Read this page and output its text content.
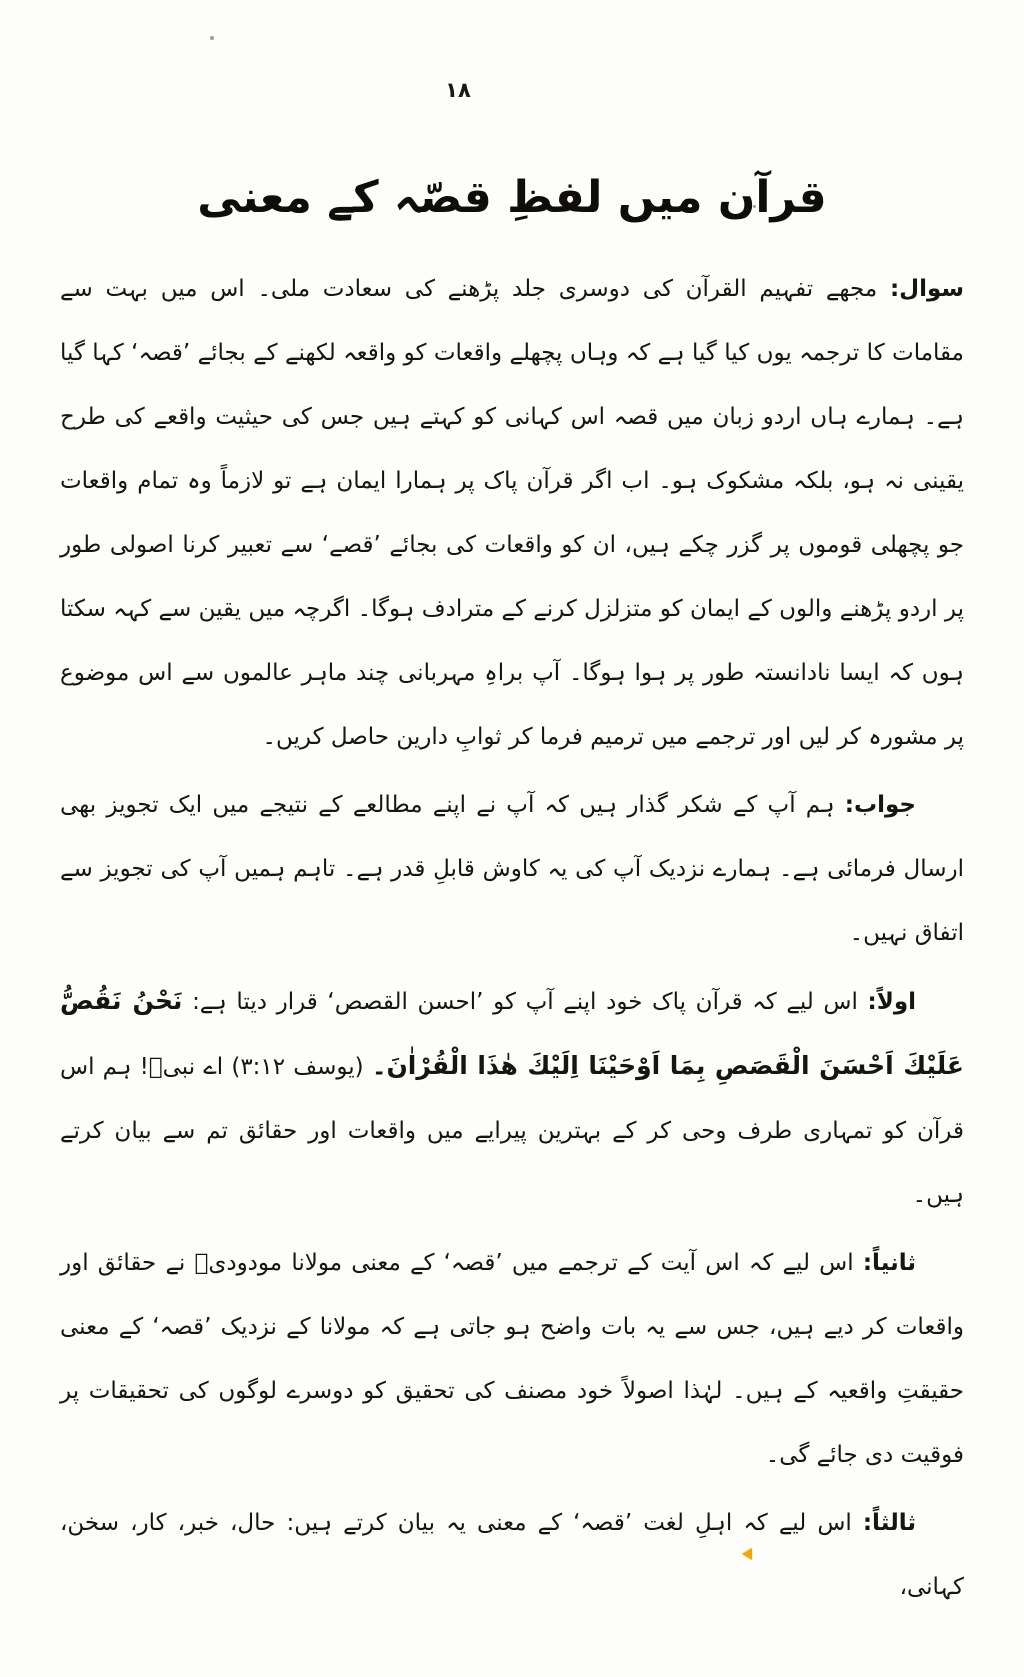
۱۸
قرآن میں لفظِ قصّہ کے معنی

سوال: مجھے تفہیم القرآن کی دوسری جلد پڑھنے کی سعادت ملی۔ اس میں بہت سے مقامات کا ترجمہ یوں کیا گیا ہے کہ وہاں پچھلے واقعات کو واقعہ لکھنے کے بجائے ’قصہ‘ کہا گیا ہے۔ ہمارے ہاں اردو زبان میں قصہ اس کہانی کو کہتے ہیں جس کی حیثیت واقعے کی طرح یقینی نہ ہو، بلکہ مشکوک ہو۔ اب اگر قرآن پاک پر ہمارا ایمان ہے تو لازماً وہ تمام واقعات جو پچھلی قوموں پر گزر چکے ہیں، ان کو واقعات کی بجائے ’قصے‘ سے تعبیر کرنا اصولی طور پر اردو پڑھنے والوں کے ایمان کو متزلزل کرنے کے مترادف ہوگا۔ اگرچہ میں یقین سے کہہ سکتا ہوں کہ ایسا نادانستہ طور پر ہوا ہوگا۔ آپ براہِ مہربانی چند ماہر عالموں سے اس موضوع پر مشورہ کر لیں اور ترجمے میں ترمیم فرما کر ثوابِ دارین حاصل کریں۔

جواب: ہم آپ کے شکر گذار ہیں کہ آپ نے اپنے مطالعے کے نتیجے میں ایک تجویز بھی ارسال فرمائی ہے۔ ہمارے نزدیک آپ کی یہ کاوش قابلِ قدر ہے۔ تاہم ہمیں آپ کی تجویز سے اتفاق نہیں۔

اولاً: اس لیے کہ قرآن پاک خود اپنے آپ کو ’احسن القصص‘ قرار دیتا ہے: نَحْنُ نَقُصُّ عَلَيْكَ اَحْسَنَ الْقَصَصِ بِمَا اَوْحَيْنَا اِلَيْكَ هٰذَا الْقُرْاٰنَ۔ (یوسف ۳:۱۲) اے نبیؐ! ہم اس قرآن کو تمہاری طرف وحی کر کے بہترین پیرایے میں واقعات اور حقائق تم سے بیان کرتے ہیں۔

ثانیاً: اس لیے کہ اس آیت کے ترجمے میں ’قصہ‘ کے معنی مولانا مودودیؒ نے حقائق اور واقعات کر دیے ہیں، جس سے یہ بات واضح ہو جاتی ہے کہ مولانا کے نزدیک ’قصہ‘ کے معنی حقیقتِ واقعیہ کے ہیں۔ لہٰذا اصولاً خود مصنف کی تحقیق کو دوسرے لوگوں کی تحقیقات پر فوقیت دی جائے گی۔

ثالثاً: اس لیے کہ اہلِ لغت ’قصہ‘ کے معنی یہ بیان کرتے ہیں: حال، خبر، کار، سخن، کہانی،
